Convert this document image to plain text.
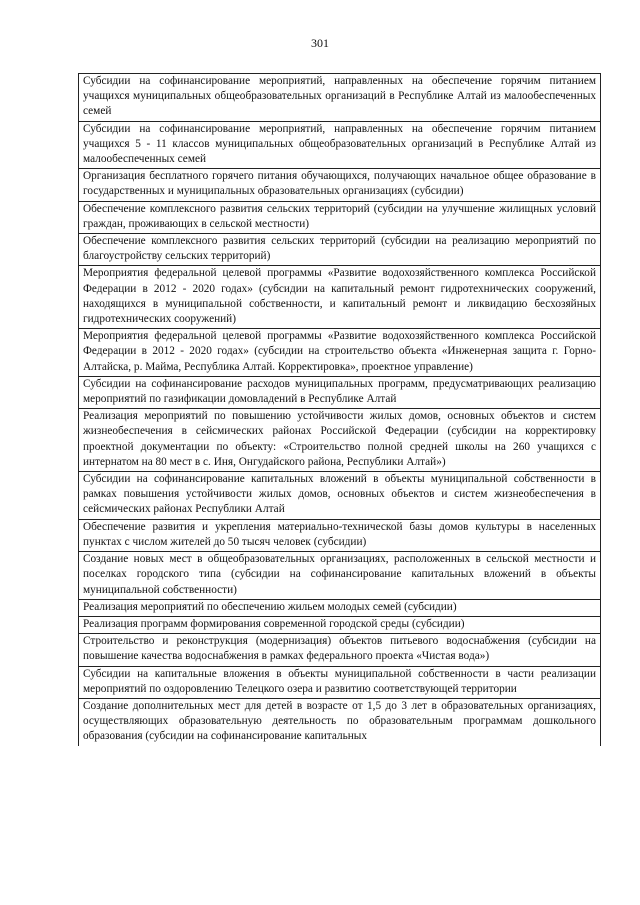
301
Субсидии на софинансирование мероприятий, направленных на обеспечение горячим питанием учащихся муниципальных общеобразовательных организаций в Республике Алтай из малообеспеченных семей
Субсидии на софинансирование мероприятий, направленных на обеспечение горячим питанием учащихся 5 - 11 классов муниципальных общеобразовательных организаций в Республике Алтай из малообеспеченных семей
Организация бесплатного горячего питания обучающихся, получающих начальное общее образование в государственных и муниципальных образовательных организациях (субсидии)
Обеспечение комплексного развития сельских территорий (субсидии на улучшение жилищных условий граждан, проживающих в сельской местности)
Обеспечение комплексного развития сельских территорий (субсидии на реализацию мероприятий по благоустройству сельских территорий)
Мероприятия федеральной целевой программы «Развитие водохозяйственного комплекса Российской Федерации в 2012 - 2020 годах» (субсидии на капитальный ремонт гидротехнических сооружений, находящихся в муниципальной собственности, и капитальный ремонт и ликвидацию бесхозяйных гидротехнических сооружений)
Мероприятия федеральной целевой программы «Развитие водохозяйственного комплекса Российской Федерации в 2012 - 2020 годах» (субсидии на строительство объекта «Инженерная защита г. Горно-Алтайска, р. Майма, Республика Алтай. Корректировка», проектное управление)
Субсидии на софинансирование расходов муниципальных программ, предусматривающих реализацию мероприятий по газификации домовладений в Республике Алтай
Реализация мероприятий по повышению устойчивости жилых домов, основных объектов и систем жизнеобеспечения в сейсмических районах Российской Федерации (субсидии на корректировку проектной документации по объекту: «Строительство полной средней школы на 260 учащихся с интернатом на 80 мест в с. Иня, Онгудайского района, Республики Алтай»)
Субсидии на софинансирование капитальных вложений в объекты муниципальной собственности в рамках повышения устойчивости жилых домов, основных объектов и систем жизнеобеспечения в сейсмических районах Республики Алтай
Обеспечение развития и укрепления материально-технической базы домов культуры в населенных пунктах с числом жителей до 50 тысяч человек (субсидии)
Создание новых мест в общеобразовательных организациях, расположенных в сельской местности и поселках городского типа (субсидии на софинансирование капитальных вложений в объекты муниципальной собственности)
Реализация мероприятий по обеспечению жильем молодых семей (субсидии)
Реализация программ формирования современной городской среды (субсидии)
Строительство и реконструкция (модернизация) объектов питьевого водоснабжения (субсидии на повышение качества водоснабжения в рамках федерального проекта «Чистая вода»)
Субсидии на капитальные вложения в объекты муниципальной собственности в части реализации мероприятий по оздоровлению Телецкого озера и развитию соответствующей территории
Создание дополнительных мест для детей в возрасте от 1,5 до 3 лет в образовательных организациях, осуществляющих образовательную деятельность по образовательным программам дошкольного образования (субсидии на софинансирование капитальных
